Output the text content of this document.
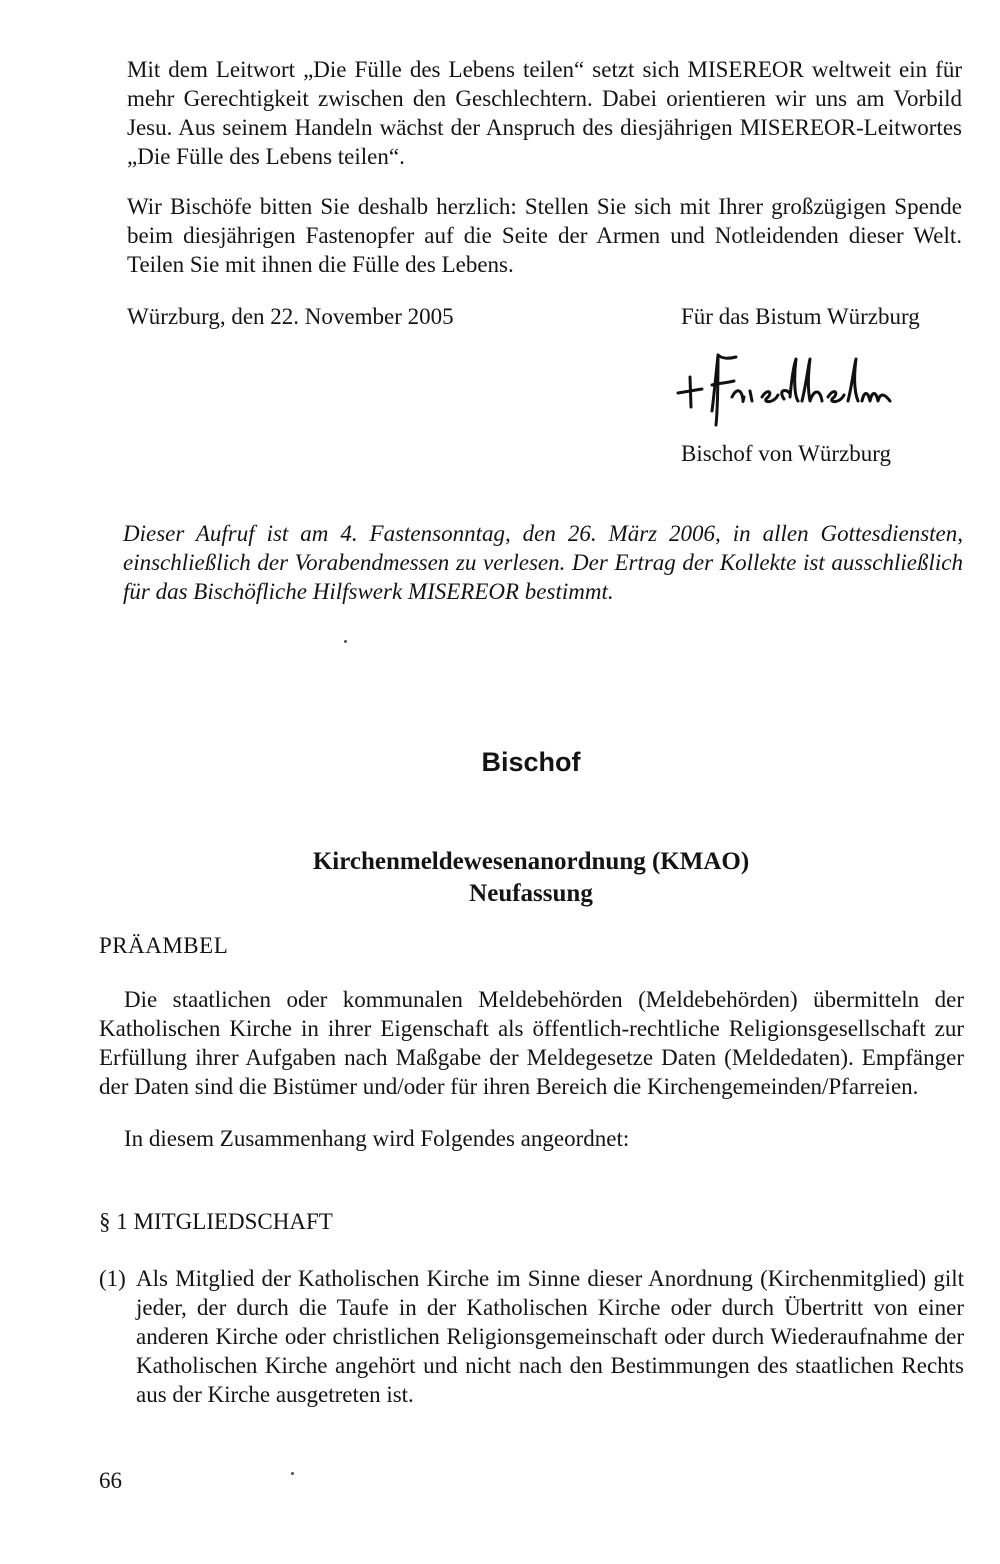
Mit dem Leitwort „Die Fülle des Lebens teilen“ setzt sich MISEREOR weltweit ein für mehr Gerechtigkeit zwischen den Geschlechtern. Dabei orientieren wir uns am Vorbild Jesu. Aus seinem Handeln wächst der Anspruch des diesjährigen MISEREOR-Leitwortes „Die Fülle des Lebens teilen“.
Wir Bischöfe bitten Sie deshalb herzlich: Stellen Sie sich mit Ihrer großzügigen Spende beim diesjährigen Fastenopfer auf die Seite der Armen und Notleidenden dieser Welt. Teilen Sie mit ihnen die Fülle des Lebens.
Würzburg, den 22. November 2005	Für das Bistum Würzburg
Bischof von Würzburg
Dieser Aufruf ist am 4. Fastensonntag, den 26. März 2006, in allen Gottesdiensten, einschließlich der Vorabendmessen zu verlesen. Der Ertrag der Kollekte ist ausschließlich für das Bischöfliche Hilfswerk MISEREOR bestimmt.
Bischof
Kirchenmeldewesenanordnung (KMAO)
Neufassung
PRÄAMBEL
Die staatlichen oder kommunalen Meldebehörden (Meldebehörden) übermitteln der Katholischen Kirche in ihrer Eigenschaft als öffentlich-rechtliche Religionsgesellschaft zur Erfüllung ihrer Aufgaben nach Maßgabe der Meldegesetze Daten (Meldedaten). Empfänger der Daten sind die Bistümer und/oder für ihren Bereich die Kirchengemeinden/Pfarreien.
In diesem Zusammenhang wird Folgendes angeordnet:
§ 1 MITGLIEDSCHAFT
(1) Als Mitglied der Katholischen Kirche im Sinne dieser Anordnung (Kirchenmitglied) gilt jeder, der durch die Taufe in der Katholischen Kirche oder durch Übertritt von einer anderen Kirche oder christlichen Religionsgemeinschaft oder durch Wiederaufnahme der Katholischen Kirche angehört und nicht nach den Bestimmungen des staatlichen Rechts aus der Kirche ausgetreten ist.
66
